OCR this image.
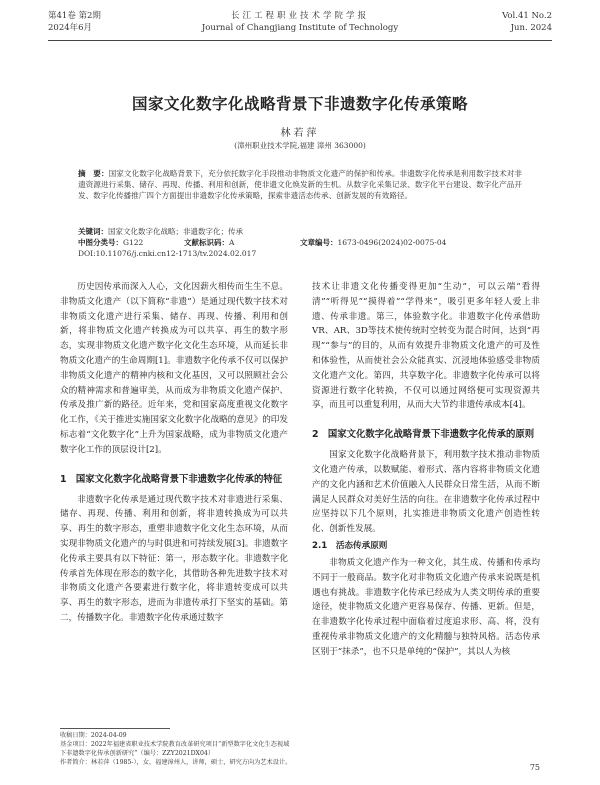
第41卷 第2期
2024年6月
长江工程职业技术学院学报
Journal of Changjiang Institute of Technology
Vol.41 No.2
Jun. 2024
国家文化数字化战略背景下非遗数字化传承策略
林若萍
(漳州职业技术学院,福建 漳州 363000)
摘　要：国家文化数字化战略背景下，充分依托数字化手段推动非物质文化遗产的保护和传承。非遗数字化传承是利用数字技术对非遗资源进行采集、储存、再现、传播、利用和创新，使非遗文化焕发新的生机。从数字化采集记录、数字化平台建设、数字化产品开发、数字化传播推广四个方面提出非遗数字化传承策略，探索非遗活态传承、创新发展的有效路径。
关键词：国家文化数字化战略；非遗数字化；传承
中图分类号：G122	文献标识码：A	文章编号：1673-0496(2024)02-0075-04
DOI:10.11076/j.cnki.cn12-1713/tv.2024.02.017

历史因传承而深入人心，文化因薪火相传而生生不息。非物质文化遗产（以下简称“非遗”）是通过现代数字技术对非物质文化遗产进行采集、储存、再现、传播、利用和创新，将非物质文化遗产转换成为可以共享、再生的数字形态，实现非物质文化遗产数字化文化生态环境，从而延长非物质文化遗产的生命周期[1]。非遗数字化传承不仅可以保护非物质文化遗产的精神内核和文化基因，又可以照顾社会公众的精神需求和普遍审美，从而成为非物质文化遗产保护、传承及推广新的路径。近年来，党和国家高度重视文化数字化工作，《关于推进实施国家文化数字化战略的意见》的印发标志着“文化数字化”上升为国家战略，成为非物质文化遗产数字化工作的顶层设计[2]。

1　国家文化数字化战略背景下非遗数字化传承的特征

非遗数字化传承是通过现代数字技术对非遗进行采集、储存、再现、传播、利用和创新，将非遗转换成为可以共享、再生的数字形态，重塑非遗数字化文化生态环境，从而实现非物质文化遗产的与时俱进和可持续发展[3]。非遗数字化传承主要具有以下特征：第一，形态数字化。非遗数字化传承首先体现在形态的数字化，其借助各种先进数字技术对非物质文化遗产各要素进行数字化，将非遗转变成可以共享、再生的数字形态，进而为非遗传承打下坚实的基础。第二，传播数字化。非遗数字化传承通过数字

技术让非遗文化传播变得更加“生动”，可以云端“看得清”“听得见”“摸得着”“学得来”，吸引更多年轻人爱上非遗、传承非遗。第三，体验数字化。非遗数字化传承借助VR、AR、3D等技术使传统时空转变为混合时间，达到“再现”“参与”的目的，从而有效提升非物质文化遗产的可及性和体验性，从而使社会公众能真实、沉浸地体验感受非物质文化遗产文化。第四，共享数字化。非遗数字化传承可以将资源进行数字化转换，不仅可以通过网络便可实现资源共享，而且可以重复利用，从而大大节约非遗传承成本[4]。

2　国家文化数字化战略背景下非遗数字化传承的原则

国家文化数字化战略背景下，利用数字技术推动非物质文化遗产传承，以数赋能、着形式、落内容将非物质文化遗产的文化内涵和艺术价值融入人民群众日常生活，从而不断满足人民群众对美好生活的向往。在非遗数字化传承过程中应坚持以下几个原则，扎实推进非物质文化遗产创造性转化、创新性发展。

2.1　活态传承原则

非物质文化遗产作为一种文化，其生成、传播和传承均不同于一般商品。数字化对非物质文化遗产传承来说既是机遇也有挑战。非遗数字化传承已经成为人类文明传承的重要途径，使非物质文化遗产更容易保存、传播、更新。但是，在非遗数字化传承过程中面临着过度追求形、高、将，没有重视传承非物质文化遗产的文化精髓与独特风格。活态传承区别于“抹杀”，也不只是单纯的“保护”，其以人为核

收稿日期：2024-04-09
基金项目：2022年福建省职业技术学院教育改革研究项目“新型数字化文化生态视域下非遗数字化传承创新研究”（编号：ZZY2021DX04）
作者简介：林若萍（1985-），女，福建漳州人，讲师，硕士，研究方向为艺术设计。
75
